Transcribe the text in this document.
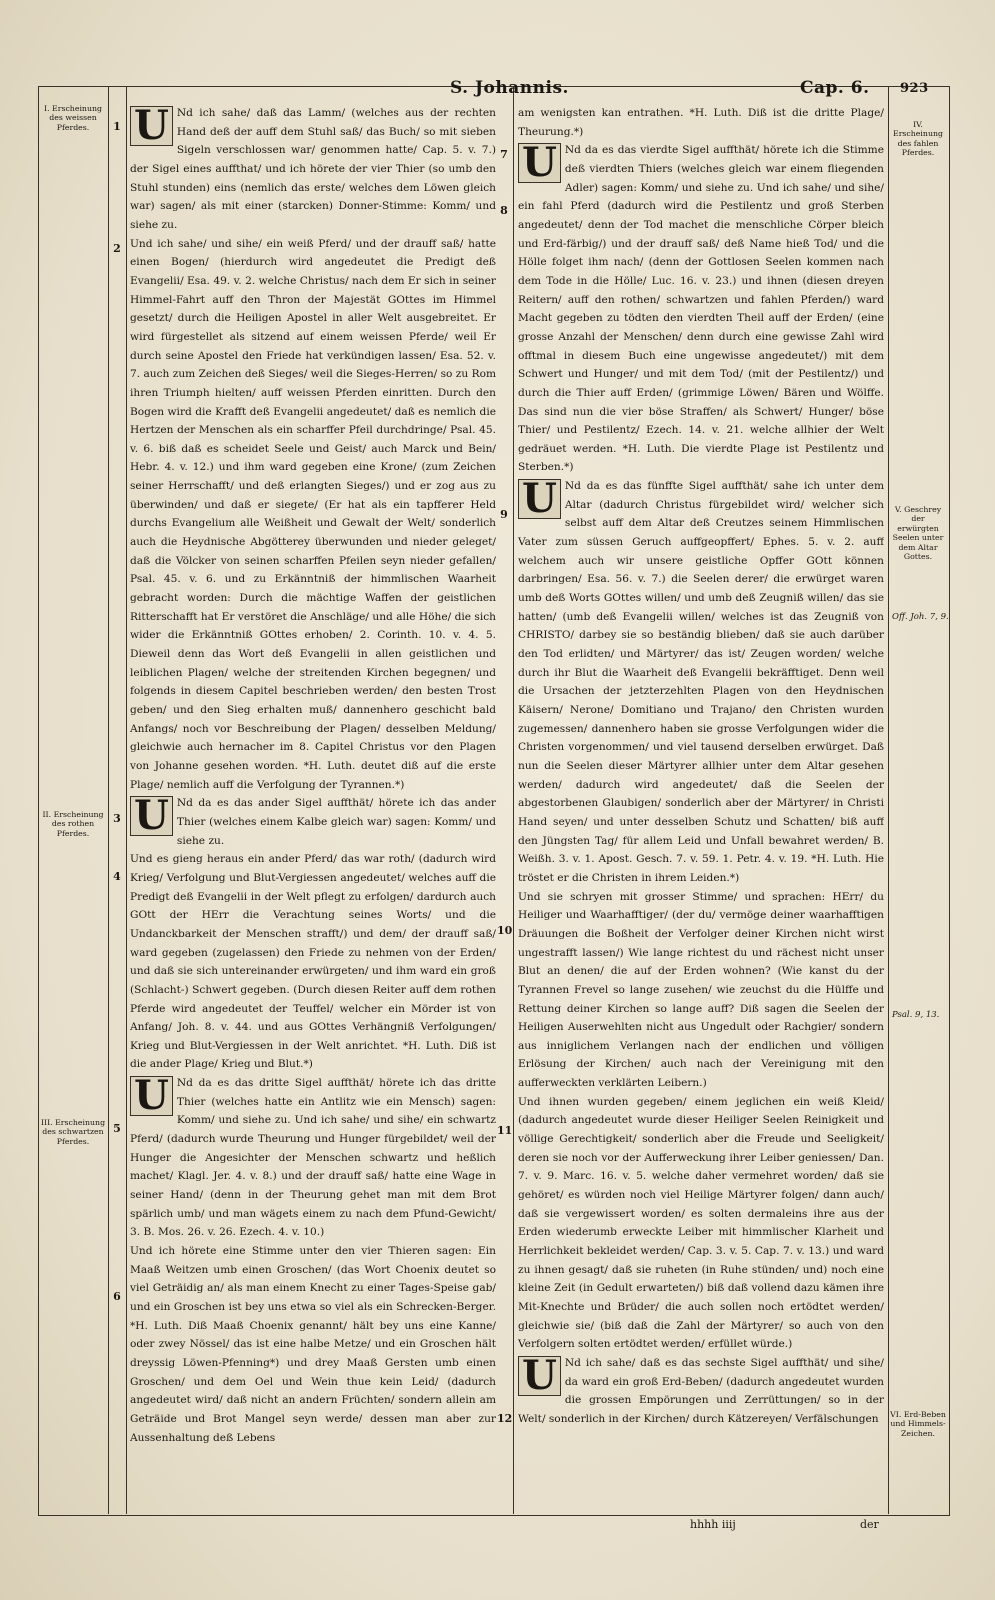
S. Johannis.	Cap. 6. 923
I. Erscheinung des weissen Pferdes.
II. Erscheinung des rothen Pferdes.
III. Erscheinung des schwartzen Pferdes.
IV. Erscheinung des fahlen Pferdes.
V. Geschrey der erwürgten Seelen unter dem Altar Gottes.
VI. Erd-Beben und Himmels-Zeichen.
Off. Joh. 7, 9.
Psal. 9, 13.
1
2
3
4
5
6
7
8
9
10
11
12

U Nd ich sahe/ daß das Lamm/ (welches aus der rechten Hand deß der auff dem Stuhl saß/ das Buch/ so mit sieben Sigeln verschlossen war/ genommen hatte/ Cap. 5. v. 7.) der Sigel eines auffthat/ und ich hörete der vier Thier (so umb den Stuhl stunden) eins (nemlich das erste/ welches dem Löwen gleich war) sagen/ als mit einer (starcken) Donner-Stimme: Komm/ und siehe zu.

Und ich sahe/ und sihe/ ein weiß Pferd/ und der drauff saß/ hatte einen Bogen/ (hierdurch wird angedeutet die Predigt deß Evangelii/ Esa. 49. v. 2. welche Christus/ nach dem Er sich in seiner Himmel-Fahrt auff den Thron der Majestät GOttes im Himmel gesetzt/ durch die Heiligen Apostel in aller Welt ausgebreitet. Er wird fürgestellet als sitzend auf einem weissen Pferde/ weil Er durch seine Apostel den Friede hat verkündigen lassen/ Esa. 52. v. 7. auch zum Zeichen deß Sieges/ weil die Sieges-Herren/ so zu Rom ihren Triumph hielten/ auff weissen Pferden einritten. Durch den Bogen wird die Krafft deß Evangelii angedeutet/ daß es nemlich die Hertzen der Menschen als ein scharffer Pfeil durchdringe/ Psal. 45. v. 6. biß daß es scheidet Seele und Geist/ auch Marck und Bein/ Hebr. 4. v. 12.) und ihm ward gegeben eine Krone/ (zum Zeichen seiner Herrschafft/ und deß erlangten Sieges/) und er zog aus zu überwinden/ und daß er siegete/ (Er hat als ein tapfferer Held durchs Evangelium alle Weißheit und Gewalt der Welt/ sonderlich auch die Heydnische Abgötterey überwunden und nieder geleget/ daß die Völcker von seinen scharffen Pfeilen seyn nieder gefallen/ Psal. 45. v. 6. und zu Erkänntniß der himmlischen Waarheit gebracht worden: Durch die mächtige Waffen der geistlichen Ritterschafft hat Er verstöret die Anschläge/ und alle Höhe/ die sich wider die Erkänntniß GOttes erhoben/ 2. Corinth. 10. v. 4. 5. Dieweil denn das Wort deß Evangelii in allen geistlichen und leiblichen Plagen/ welche der streitenden Kirchen begegnen/ und folgends in diesem Capitel beschrieben werden/ den besten Trost geben/ und den Sieg erhalten muß/ dannenhero geschicht bald Anfangs/ noch vor Beschreibung der Plagen/ desselben Meldung/ gleichwie auch hernacher im 8. Capitel Christus vor den Plagen von Johanne gesehen worden. *H. Luth. deutet diß auf die erste Plage/ nemlich auff die Verfolgung der Tyrannen.*)

U Nd da es das ander Sigel auffthät/ hörete ich das ander Thier (welches einem Kalbe gleich war) sagen: Komm/ und siehe zu.

Und es gieng heraus ein ander Pferd/ das war roth/ (dadurch wird Krieg/ Verfolgung und Blut-Vergiessen angedeutet/ welches auff die Predigt deß Evangelii in der Welt pflegt zu erfolgen/ dardurch auch GOtt der HErr die Verachtung seines Worts/ und die Undanckbarkeit der Menschen strafft/) und dem/ der drauff saß/ ward gegeben (zugelassen) den Friede zu nehmen von der Erden/ und daß sie sich untereinander erwürgeten/ und ihm ward ein groß (Schlacht-) Schwert gegeben. (Durch diesen Reiter auff dem rothen Pferde wird angedeutet der Teuffel/ welcher ein Mörder ist von Anfang/ Joh. 8. v. 44. und aus GOttes Verhängniß Verfolgungen/ Krieg und Blut-Vergiessen in der Welt anrichtet. *H. Luth. Diß ist die ander Plage/ Krieg und Blut.*)

U Nd da es das dritte Sigel auffthät/ hörete ich das dritte Thier (welches hatte ein Antlitz wie ein Mensch) sagen: Komm/ und siehe zu. Und ich sahe/ und sihe/ ein schwartz Pferd/ (dadurch wurde Theurung und Hunger fürgebildet/ weil der Hunger die Angesichter der Menschen schwartz und heßlich machet/ Klagl. Jer. 4. v. 8.) und der drauff saß/ hatte eine Wage in seiner Hand/ (denn in der Theurung gehet man mit dem Brot spärlich umb/ und man wägets einem zu nach dem Pfund-Gewicht/ 3. B. Mos. 26. v. 26. Ezech. 4. v. 10.)

Und ich hörete eine Stimme unter den vier Thieren sagen: Ein Maaß Weitzen umb einen Groschen/ (das Wort Choenix deutet so viel Geträidig an/ als man einem Knecht zu einer Tages-Speise gab/ und ein Groschen ist bey uns etwa so viel als ein Schrecken-Berger. *H. Luth. Diß Maaß Choenix genannt/ hält bey uns eine Kanne/ oder zwey Nössel/ das ist eine halbe Metze/ und ein Groschen hält dreyssig Löwen-Pfenning*) und drey Maaß Gersten umb einen Groschen/ und dem Oel und Wein thue kein Leid/ (dadurch angedeutet wird/ daß nicht an andern Früchten/ sondern allein am Geträide und Brot Mangel seyn werde/ dessen man aber zur Aussenhaltung deß Lebens

am wenigsten kan entrathen. *H. Luth. Diß ist die dritte Plage/ Theurung.*)

U Nd da es das vierdte Sigel auffthät/ hörete ich die Stimme deß vierdten Thiers (welches gleich war einem fliegenden Adler) sagen: Komm/ und siehe zu. Und ich sahe/ und sihe/ ein fahl Pferd (dadurch wird die Pestilentz und groß Sterben angedeutet/ denn der Tod machet die menschliche Cörper bleich und Erd-färbig/) und der drauff saß/ deß Name hieß Tod/ und die Hölle folget ihm nach/ (denn der Gottlosen Seelen kommen nach dem Tode in die Hölle/ Luc. 16. v. 23.) und ihnen (diesen dreyen Reitern/ auff den rothen/ schwartzen und fahlen Pferden/) ward Macht gegeben zu tödten den vierdten Theil auff der Erden/ (eine grosse Anzahl der Menschen/ denn durch eine gewisse Zahl wird offtmal in diesem Buch eine ungewisse angedeutet/) mit dem Schwert und Hunger/ und mit dem Tod/ (mit der Pestilentz/) und durch die Thier auff Erden/ (grimmige Löwen/ Bären und Wölffe. Das sind nun die vier böse Straffen/ als Schwert/ Hunger/ böse Thier/ und Pestilentz/ Ezech. 14. v. 21. welche allhier der Welt gedräuet werden. *H. Luth. Die vierdte Plage ist Pestilentz und Sterben.*)

U Nd da es das fünffte Sigel auffthät/ sahe ich unter dem Altar (dadurch Christus fürgebildet wird/ welcher sich selbst auff dem Altar deß Creutzes seinem Himmlischen Vater zum süssen Geruch auffgeopffert/ Ephes. 5. v. 2. auff welchem auch wir unsere geistliche Opffer GOtt können darbringen/ Esa. 56. v. 7.) die Seelen derer/ die erwürget waren umb deß Worts GOttes willen/ und umb deß Zeugniß willen/ das sie hatten/ (umb deß Evangelii willen/ welches ist das Zeugniß von CHRISTO/ darbey sie so beständig blieben/ daß sie auch darüber den Tod erlidten/ und Märtyrer/ das ist/ Zeugen worden/ welche durch ihr Blut die Waarheit deß Evangelii bekräfftiget. Denn weil die Ursachen der jetzterzehlten Plagen von den Heydnischen Käisern/ Nerone/ Domitiano und Trajano/ den Christen wurden zugemessen/ dannenhero haben sie grosse Verfolgungen wider die Christen vorgenommen/ und viel tausend derselben erwürget. Daß nun die Seelen dieser Märtyrer allhier unter dem Altar gesehen werden/ dadurch wird angedeutet/ daß die Seelen der abgestorbenen Glaubigen/ sonderlich aber der Märtyrer/ in Christi Hand seyen/ und unter desselben Schutz und Schatten/ biß auff den Jüngsten Tag/ für allem Leid und Unfall bewahret werden/ B. Weißh. 3. v. 1. Apost. Gesch. 7. v. 59. 1. Petr. 4. v. 19. *H. Luth. Hie tröstet er die Christen in ihrem Leiden.*)

Und sie schryen mit grosser Stimme/ und sprachen: HErr/ du Heiliger und Waarhafftiger/ (der du/ vermöge deiner waarhafftigen Dräuungen die Boßheit der Verfolger deiner Kirchen nicht wirst ungestrafft lassen/) Wie lange richtest du und rächest nicht unser Blut an denen/ die auf der Erden wohnen? (Wie kanst du der Tyrannen Frevel so lange zusehen/ wie zeuchst du die Hülffe und Rettung deiner Kirchen so lange auff? Diß sagen die Seelen der Heiligen Auserwehlten nicht aus Ungedult oder Rachgier/ sondern aus inniglichem Verlangen nach der endlichen und völligen Erlösung der Kirchen/ auch nach der Vereinigung mit den aufferweckten verklärten Leibern.)

Und ihnen wurden gegeben/ einem jeglichen ein weiß Kleid/ (dadurch angedeutet wurde dieser Heiliger Seelen Reinigkeit und völlige Gerechtigkeit/ sonderlich aber die Freude und Seeligkeit/ deren sie noch vor der Aufferweckung ihrer Leiber geniessen/ Dan. 7. v. 9. Marc. 16. v. 5. welche daher vermehret worden/ daß sie gehöret/ es würden noch viel Heilige Märtyrer folgen/ dann auch/ daß sie vergewissert worden/ es solten dermaleins ihre aus der Erden wiederumb erweckte Leiber mit himmlischer Klarheit und Herrlichkeit bekleidet werden/ Cap. 3. v. 5. Cap. 7. v. 13.) und ward zu ihnen gesagt/ daß sie ruheten (in Ruhe stünden/ und) noch eine kleine Zeit (in Gedult erwarteten/) biß daß vollend dazu kämen ihre Mit-Knechte und Brüder/ die auch sollen noch ertödtet werden/ gleichwie sie/ (biß daß die Zahl der Märtyrer/ so auch von den Verfolgern solten ertödtet werden/ erfüllet würde.)

U Nd ich sahe/ daß es das sechste Sigel auffthät/ und sihe/ da ward ein groß Erd-Beben/ (dadurch angedeutet wurden die grossen Empörungen und Zerrüttungen/ so in der Welt/ sonderlich in der Kirchen/ durch Kätzereyen/ Verfälschungen

hhhh iiij	der
